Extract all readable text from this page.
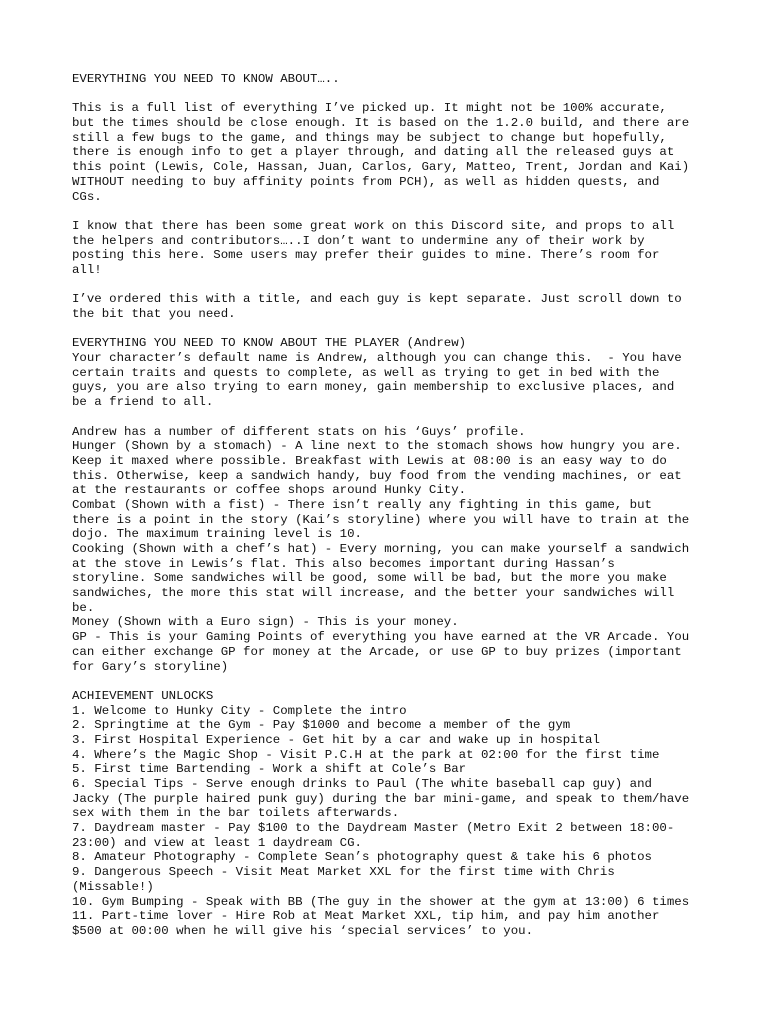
EVERYTHING YOU NEED TO KNOW ABOUT…..
This is a full list of everything I’ve picked up. It might not be 100% accurate,
but the times should be close enough. It is based on the 1.2.0 build, and there are
still a few bugs to the game, and things may be subject to change but hopefully,
there is enough info to get a player through, and dating all the released guys at
this point (Lewis, Cole, Hassan, Juan, Carlos, Gary, Matteo, Trent, Jordan and Kai)
WITHOUT needing to buy affinity points from PCH), as well as hidden quests, and
CGs.
I know that there has been some great work on this Discord site, and props to all
the helpers and contributors…..I don’t want to undermine any of their work by
posting this here. Some users may prefer their guides to mine. There’s room for
all!
I’ve ordered this with a title, and each guy is kept separate. Just scroll down to
the bit that you need.
EVERYTHING YOU NEED TO KNOW ABOUT THE PLAYER (Andrew)
Your character’s default name is Andrew, although you can change this.  - You have
certain traits and quests to complete, as well as trying to get in bed with the
guys, you are also trying to earn money, gain membership to exclusive places, and
be a friend to all.
Andrew has a number of different stats on his ‘Guys’ profile.
Hunger (Shown by a stomach) - A line next to the stomach shows how hungry you are.
Keep it maxed where possible. Breakfast with Lewis at 08:00 is an easy way to do
this. Otherwise, keep a sandwich handy, buy food from the vending machines, or eat
at the restaurants or coffee shops around Hunky City.
Combat (Shown with a fist) - There isn’t really any fighting in this game, but
there is a point in the story (Kai’s storyline) where you will have to train at the
dojo. The maximum training level is 10.
Cooking (Shown with a chef’s hat) - Every morning, you can make yourself a sandwich
at the stove in Lewis’s flat. This also becomes important during Hassan’s
storyline. Some sandwiches will be good, some will be bad, but the more you make
sandwiches, the more this stat will increase, and the better your sandwiches will
be.
Money (Shown with a Euro sign) - This is your money.
GP - This is your Gaming Points of everything you have earned at the VR Arcade. You
can either exchange GP for money at the Arcade, or use GP to buy prizes (important
for Gary’s storyline)
ACHIEVEMENT UNLOCKS
1. Welcome to Hunky City - Complete the intro
2. Springtime at the Gym - Pay $1000 and become a member of the gym
3. First Hospital Experience - Get hit by a car and wake up in hospital
4. Where’s the Magic Shop - Visit P.C.H at the park at 02:00 for the first time
5. First time Bartending - Work a shift at Cole’s Bar
6. Special Tips - Serve enough drinks to Paul (The white baseball cap guy) and
Jacky (The purple haired punk guy) during the bar mini-game, and speak to them/have
sex with them in the bar toilets afterwards.
7. Daydream master - Pay $100 to the Daydream Master (Metro Exit 2 between 18:00-
23:00) and view at least 1 daydream CG.
8. Amateur Photography - Complete Sean’s photography quest & take his 6 photos
9. Dangerous Speech - Visit Meat Market XXL for the first time with Chris
(Missable!)
10. Gym Bumping - Speak with BB (The guy in the shower at the gym at 13:00) 6 times
11. Part-time lover - Hire Rob at Meat Market XXL, tip him, and pay him another
$500 at 00:00 when he will give his ‘special services’ to you.
